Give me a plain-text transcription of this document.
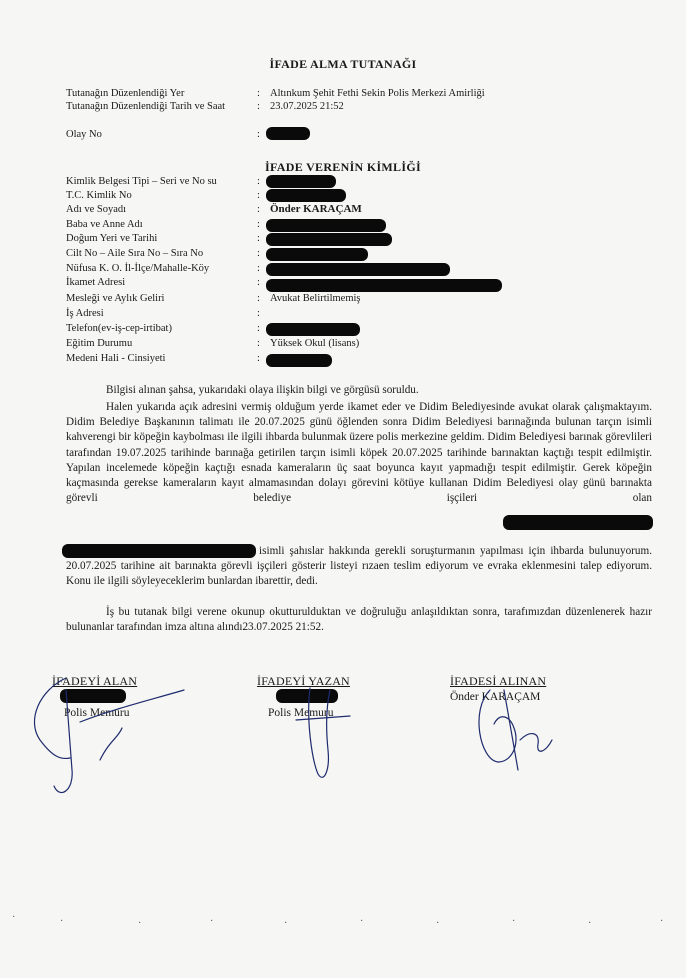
İFADE ALMA TUTANAĞI
Tutanağın Düzenlendiği Yer	: Altınkum Şehit Fethi Sekin Polis Merkezi Amirliği
Tutanağın Düzenlendiği Tarih ve Saat	: 23.07.2025 21:52
Olay No	:
İFADE VERENİN KİMLİĞİ
Kimlik Belgesi Tipi – Seri ve No su	:
T.C. Kimlik No	:
Adı ve Soyadı	: Önder KARAÇAM
Baba ve Anne Adı	:
Doğum Yeri ve Tarihi	:
Cilt No – Aile Sıra No – Sıra No	:
Nüfusa K. O. İl-İlçe/Mahalle-Köy	:
İkamet Adresi	:
Mesleği ve Aylık Geliri	: Avukat Belirtilmemiş
İş Adresi	:
Telefon(ev-iş-cep-irtibat)	:
Eğitim Durumu	: Yüksek Okul (lisans)
Medeni Hali - Cinsiyeti	:
Bilgisi alınan şahsa, yukarıdaki olaya ilişkin bilgi ve görgüsü soruldu.
Halen yukarıda açık adresini vermiş olduğum yerde ikamet eder ve Didim Belediyesinde avukat olarak çalışmaktayım. Didim Belediye Başkanının talimatı ile 20.07.2025 günü öğlenden sonra Didim Belediyesi barınağında bulunan tarçın isimli kahverengi bir köpeğin kaybolması ile ilgili ihbarda bulunmak üzere polis merkezine geldim. Didim Belediyesi barınak görevlileri tarafından 19.07.2025 tarihinde barınağa getirilen tarçın isimli köpek 20.07.2025 tarihinde barınaktan kaçtığı tespit edilmiştir. Yapılan incelemede köpeğin kaçtığı esnada kameraların üç saat boyunca kayıt yapmadığı tespit edilmiştir. Gerek köpeğin kaçmasında gerekse kameraların kayıt almamasından dolayı görevini kötüye kullanan Didim Belediyesi olay günü barınakta görevli belediye işçileri olan
isimli şahıslar hakkında gerekli soruşturmanın yapılması için ihbarda bulunuyorum. 20.07.2025 tarihine ait barınakta görevli işçileri gösterir listeyi rızaen teslim ediyorum ve evraka eklenmesini talep ediyorum. Konu ile ilgili söyleyeceklerim bunlardan ibarettir, dedi.
İş bu tutanak bilgi verene okunup okutturulduktan ve doğruluğu anlaşıldıktan sonra, tarafımızdan düzenlenerek hazır bulunanlar tarafından imza altına alındı23.07.2025 21:52.
İFADEYİ ALAN
Polis Memuru
İFADEYİ YAZAN
Polis Memuru
İFADESİ ALINAN
Önder KARAÇAM
·	·	·	·	·	·	·	·	·	·
